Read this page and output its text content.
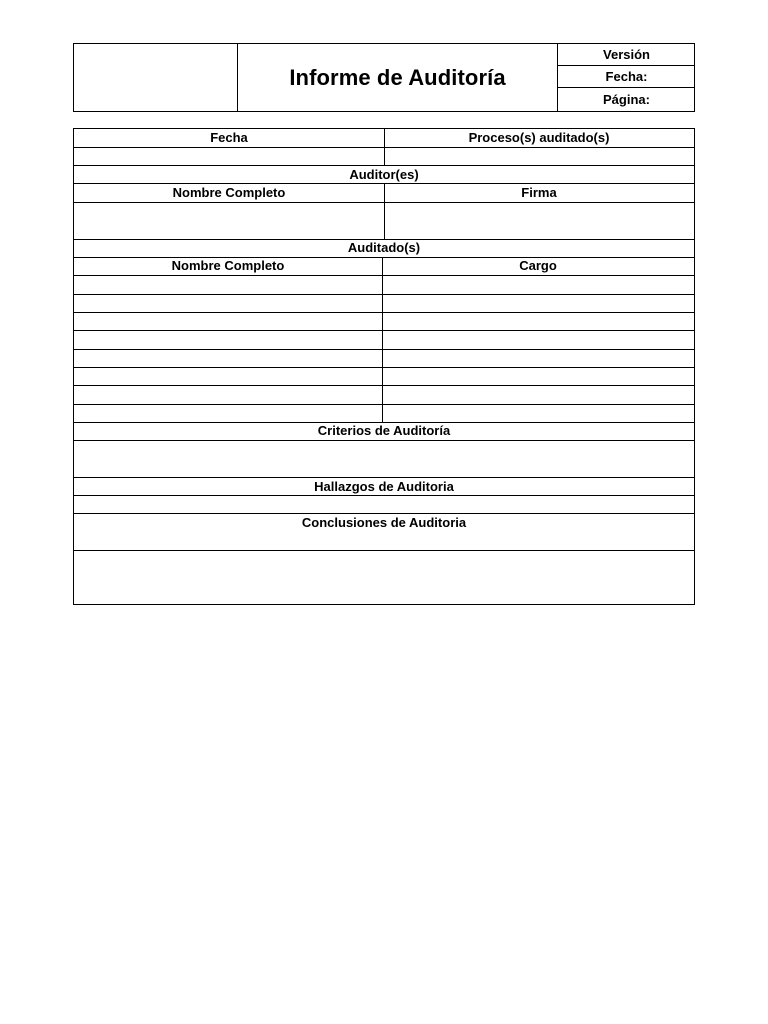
Informe de Auditoría
Versión
Fecha:
Página:
Fecha	Proceso(s) auditado(s)
Auditor(es)
Nombre Completo	Firma
Auditado(s)
Nombre Completo	Cargo
Criterios de Auditoría
Hallazgos de Auditoria
Conclusiones de Auditoria
